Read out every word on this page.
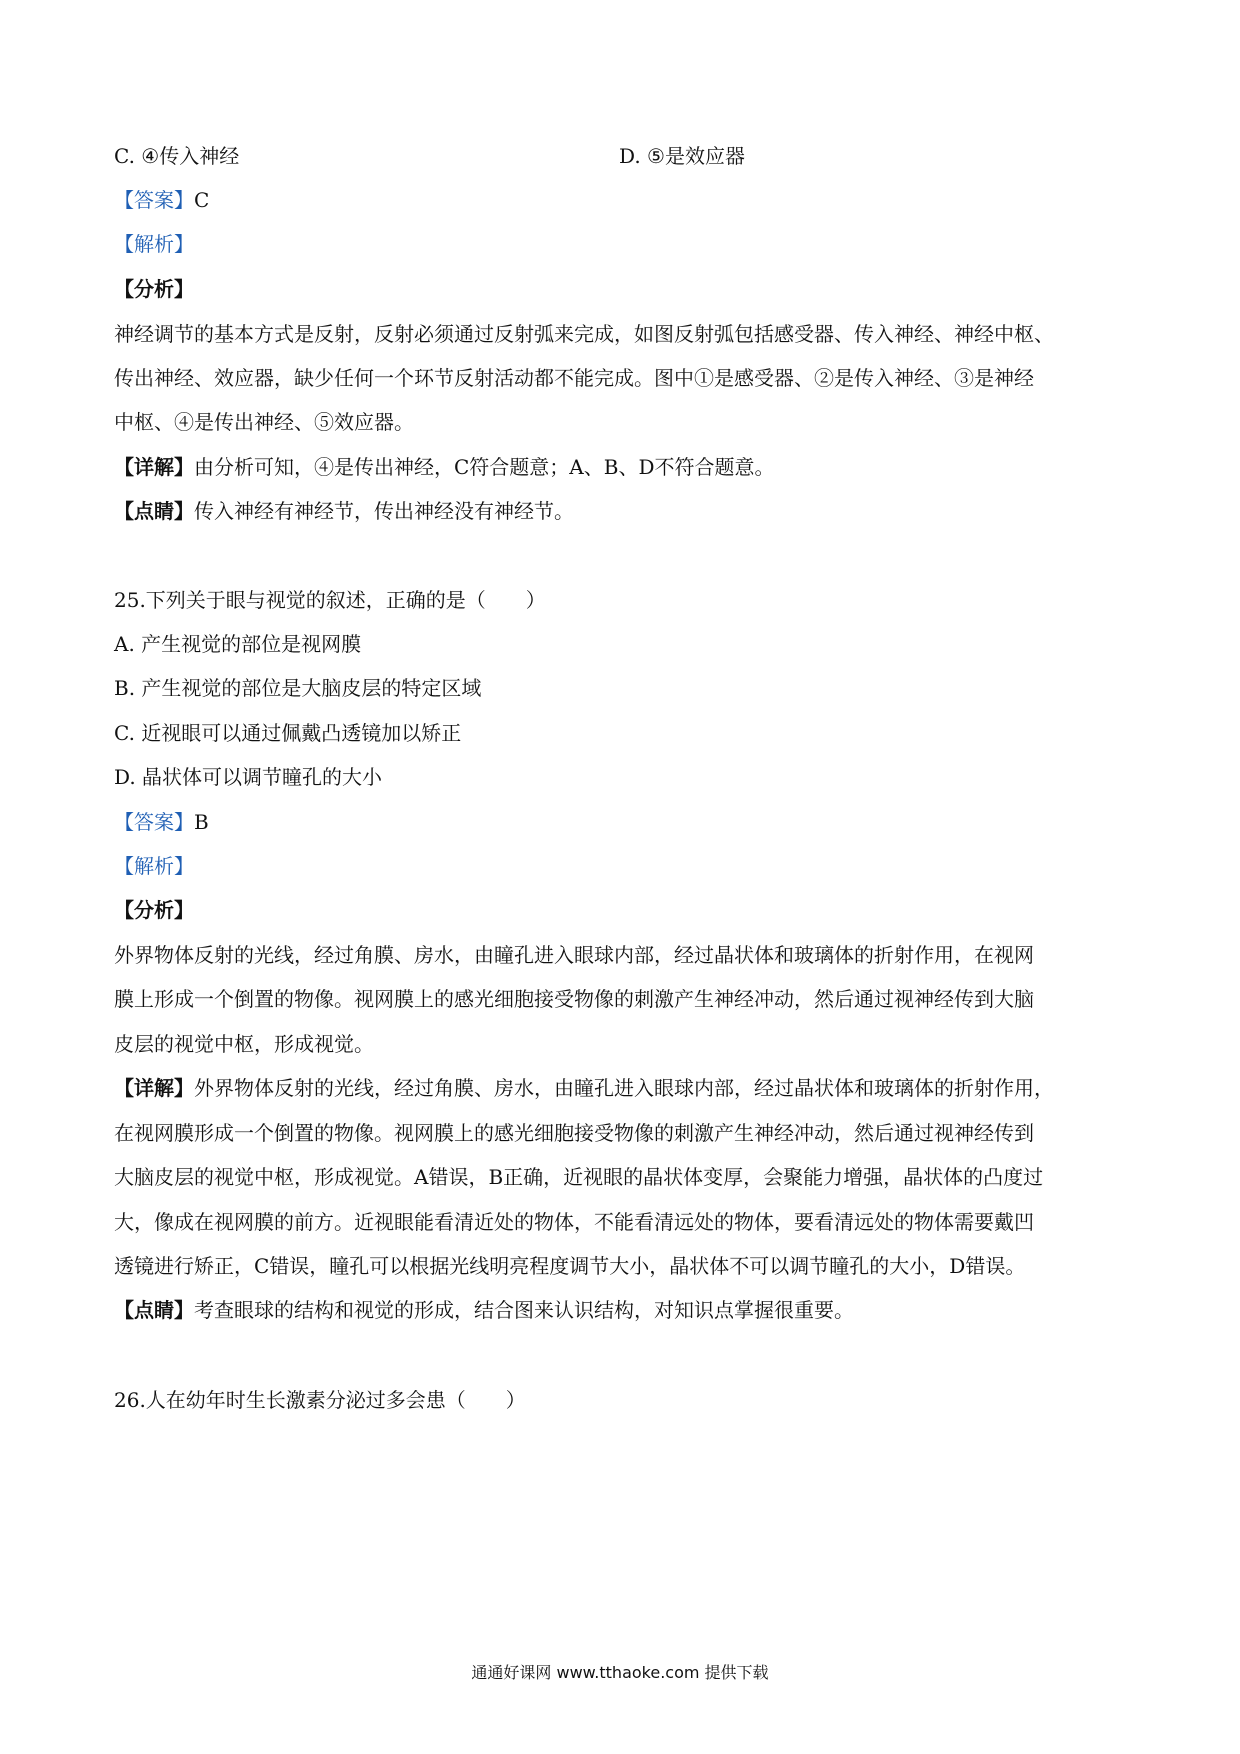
C. ④传入神经	D. ⑤是效应器
【答案】C
【解析】
【分析】
神经调节的基本方式是反射，反射必须通过反射弧来完成，如图反射弧包括感受器、传入神经、神经中枢、
传出神经、效应器，缺少任何一个环节反射活动都不能完成。图中①是感受器、②是传入神经、③是神经
中枢、④是传出神经、⑤效应器。
【详解】由分析可知，④是传出神经，C符合题意；A、B、D不符合题意。
【点睛】传入神经有神经节，传出神经没有神经节。
25.下列关于眼与视觉的叙述，正确的是（　　）
A. 产生视觉的部位是视网膜
B. 产生视觉的部位是大脑皮层的特定区域
C. 近视眼可以通过佩戴凸透镜加以矫正
D. 晶状体可以调节瞳孔的大小
【答案】B
【解析】
【分析】
外界物体反射的光线，经过角膜、房水，由瞳孔进入眼球内部，经过晶状体和玻璃体的折射作用，在视网
膜上形成一个倒置的物像。视网膜上的感光细胞接受物像的刺激产生神经冲动，然后通过视神经传到大脑
皮层的视觉中枢，形成视觉。
【详解】外界物体反射的光线，经过角膜、房水，由瞳孔进入眼球内部，经过晶状体和玻璃体的折射作用，
在视网膜形成一个倒置的物像。视网膜上的感光细胞接受物像的刺激产生神经冲动，然后通过视神经传到
大脑皮层的视觉中枢，形成视觉。A错误，B正确，近视眼的晶状体变厚，会聚能力增强，晶状体的凸度过
大，像成在视网膜的前方。近视眼能看清近处的物体，不能看清远处的物体，要看清远处的物体需要戴凹
透镜进行矫正，C错误，瞳孔可以根据光线明亮程度调节大小，晶状体不可以调节瞳孔的大小，D错误。
【点睛】考查眼球的结构和视觉的形成，结合图来认识结构，对知识点掌握很重要。
26.人在幼年时生长激素分泌过多会患（　　）
通通好课网 www.tthaoke.com 提供下载
